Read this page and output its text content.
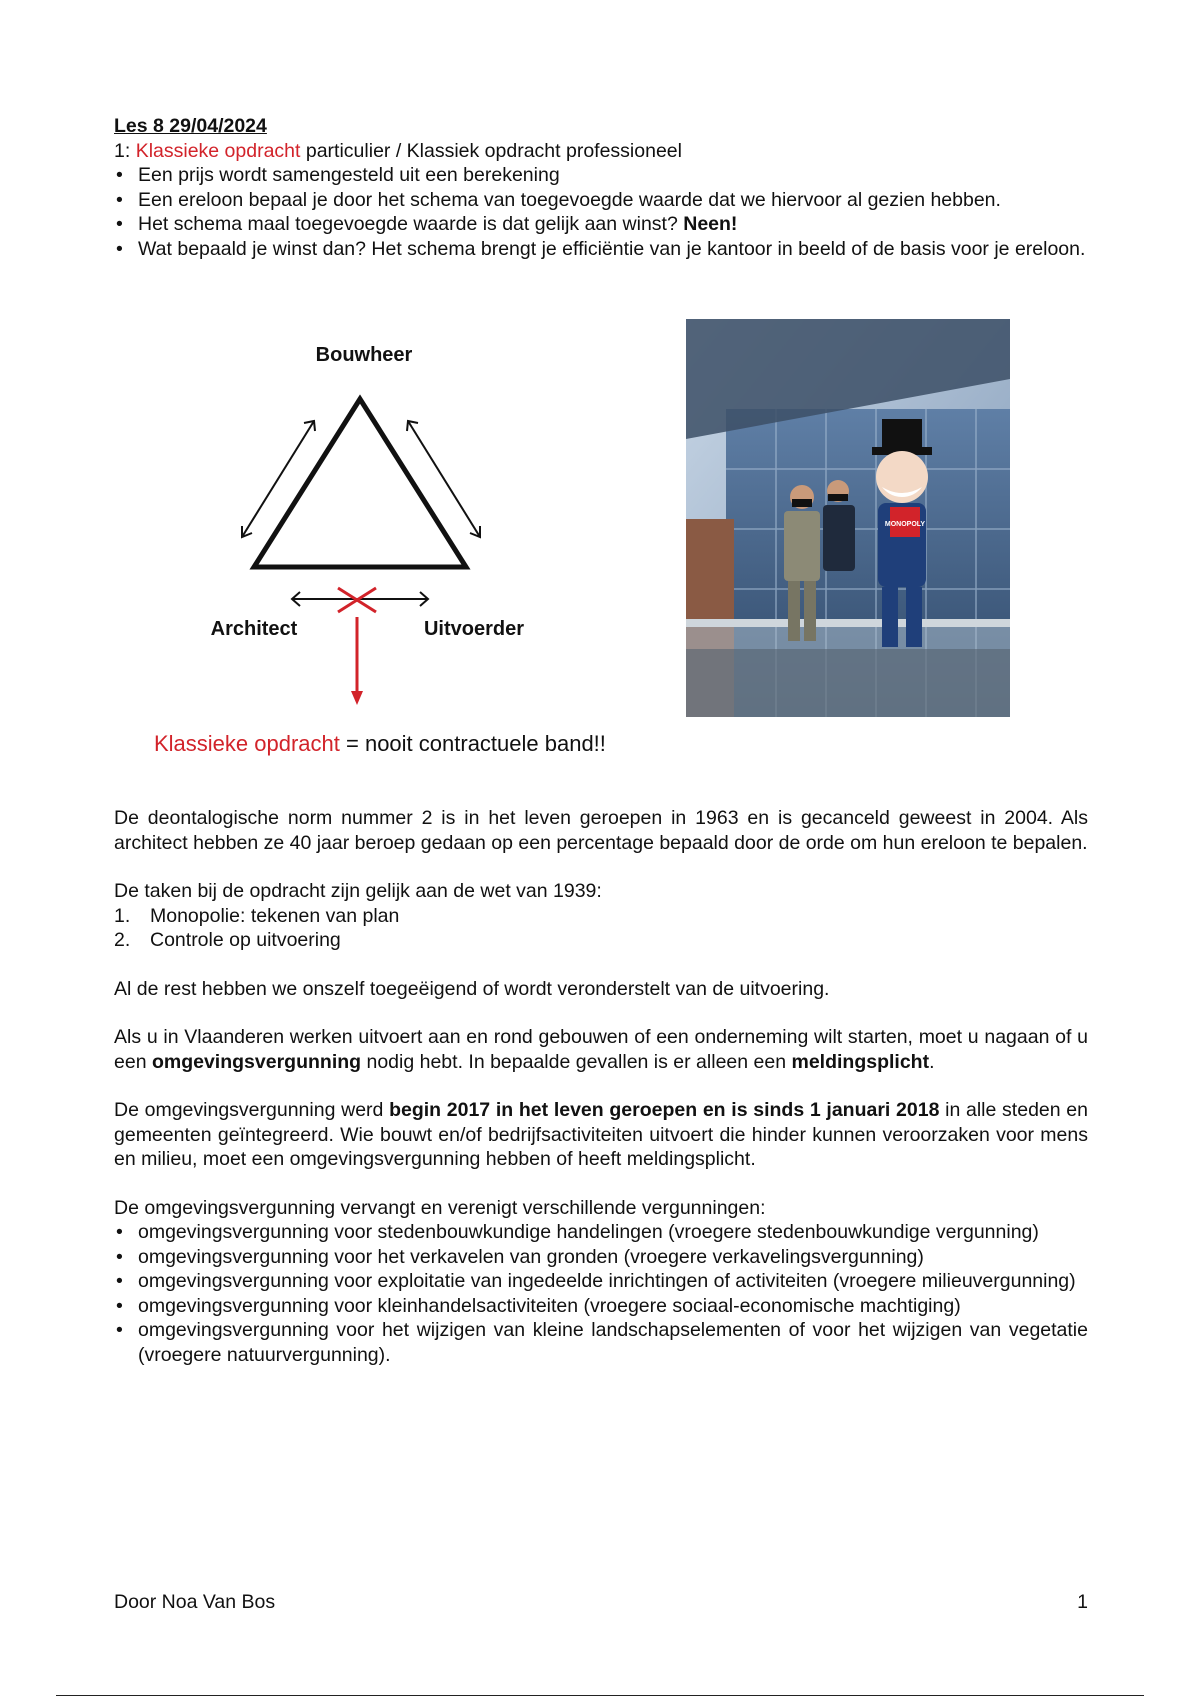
Les 8 29/04/2024
1: Klassieke opdracht particulier / Klassiek opdracht professioneel
• Een prijs wordt samengesteld uit een berekening
• Een ereloon bepaal je door het schema van toegevoegde waarde dat we hiervoor al gezien hebben.
• Het schema maal toegevoegde waarde is dat gelijk aan winst? Neen!
• Wat bepaald je winst dan? Het schema brengt je efficiëntie van je kantoor in beeld of de basis voor je ereloon.
Bouwheer
Architect	Uitvoerder
Klassieke opdracht = nooit contractuele band!!
MONOPOLY

De deontalogische norm nummer 2 is in het leven geroepen in 1963 en is gecanceld geweest in 2004. Als architect hebben ze 40 jaar beroep gedaan op een percentage bepaald door de orde om hun ereloon te bepalen.

De taken bij de opdracht zijn gelijk aan de wet van 1939:

1. Monopolie: tekenen van plan
2. Controle op uitvoering

Al de rest hebben we onszelf toegeëigend of wordt veronderstelt van de uitvoering.

Als u in Vlaanderen werken uitvoert aan en rond gebouwen of een onderneming wilt starten, moet u nagaan of u een omgevingsvergunning nodig hebt. In bepaalde gevallen is er alleen een meldingsplicht.

De omgevingsvergunning werd begin 2017 in het leven geroepen en is sinds 1 januari 2018 in alle steden en gemeenten geïntegreerd. Wie bouwt en/of bedrijfsactiviteiten uitvoert die hinder kunnen veroorzaken voor mens en milieu, moet een omgevingsvergunning hebben of heeft meldingsplicht.

De omgevingsvergunning vervangt en verenigt verschillende vergunningen:

• omgevingsvergunning voor stedenbouwkundige handelingen (vroegere stedenbouwkundige vergunning)
• omgevingsvergunning voor het verkavelen van gronden (vroegere verkavelingsvergunning)
• omgevingsvergunning voor exploitatie van ingedeelde inrichtingen of activiteiten (vroegere milieuvergunning)
• omgevingsvergunning voor kleinhandelsactiviteiten (vroegere sociaal-economische machtiging)
• omgevingsvergunning voor het wijzigen van kleine landschapselementen of voor het wijzigen van vegetatie (vroegere natuurvergunning).
Door Noa Van Bos	1
